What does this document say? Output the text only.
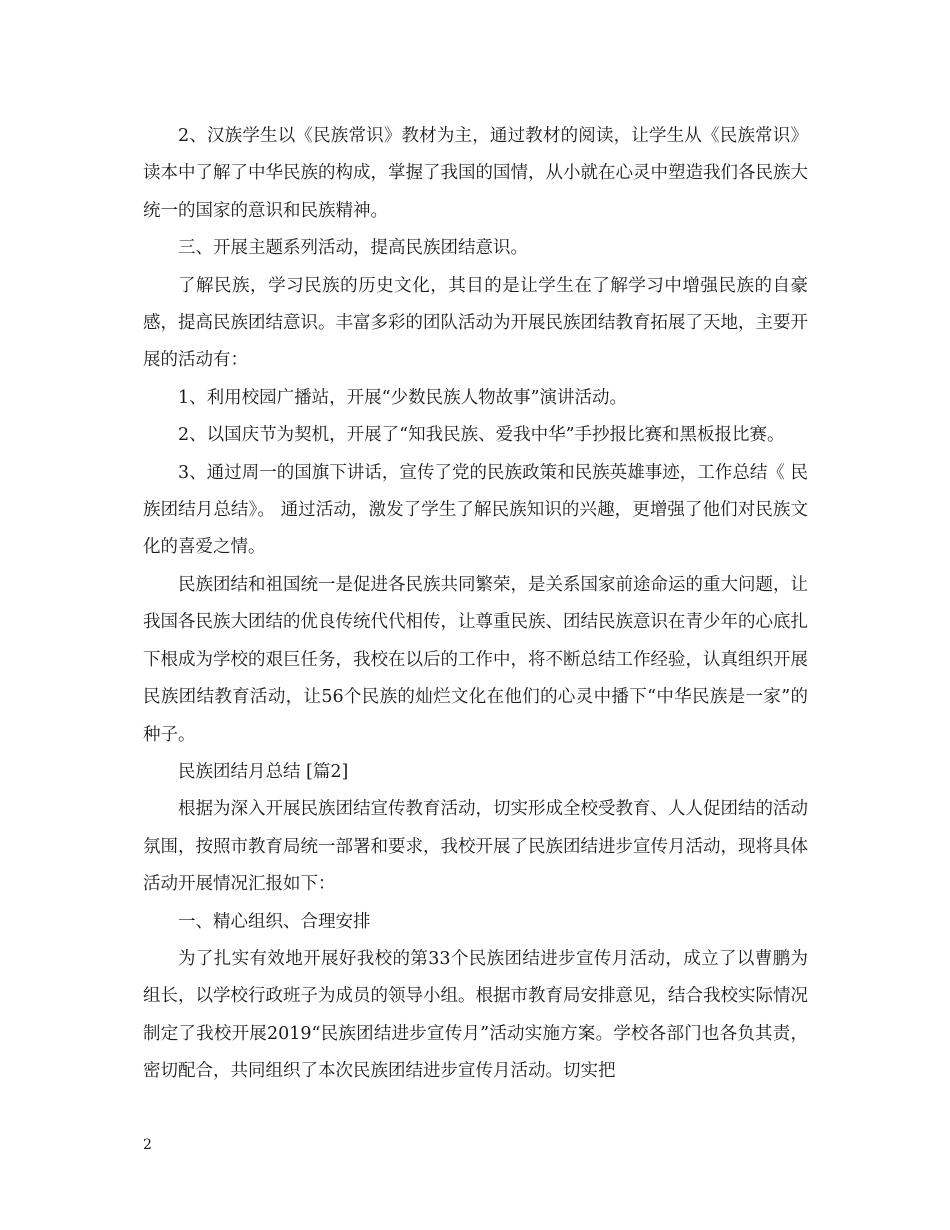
2、汉族学生以《民族常识》教材为主，通过教材的阅读，让学生从《民族常识》读本中了解了中华民族的构成，掌握了我国的国情，从小就在心灵中塑造我们各民族大统一的国家的意识和民族精神。

三、开展主题系列活动，提高民族团结意识。

了解民族，学习民族的历史文化，其目的是让学生在了解学习中增强民族的自豪感，提高民族团结意识。丰富多彩的团队活动为开展民族团结教育拓展了天地，主要开展的活动有：

1、利用校园广播站，开展“少数民族人物故事”演讲活动。

2、以国庆节为契机，开展了“知我民族、爱我中华”手抄报比赛和黑板报比赛。

3、通过周一的国旗下讲话，宣传了党的民族政策和民族英雄事迹，工作总结《 民族团结月总结》。 通过活动，激发了学生了解民族知识的兴趣，更增强了他们对民族文化的喜爱之情。

民族团结和祖国统一是促进各民族共同繁荣，是关系国家前途命运的重大问题，让我国各民族大团结的优良传统代代相传，让尊重民族、团结民族意识在青少年的心底扎下根成为学校的艰巨任务，我校在以后的工作中，将不断总结工作经验，认真组织开展民族团结教育活动，让56个民族的灿烂文化在他们的心灵中播下“中华民族是一家”的种子。

民族团结月总结 [篇2]

根据为深入开展民族团结宣传教育活动，切实形成全校受教育、人人促团结的活动氛围，按照市教育局统一部署和要求，我校开展了民族团结进步宣传月活动，现将具体活动开展情况汇报如下：

一、精心组织、合理安排

为了扎实有效地开展好我校的第33个民族团结进步宣传月活动，成立了以曹鹏为组长，以学校行政班子为成员的领导小组。根据市教育局安排意见，结合我校实际情况制定了我校开展2019“民族团结进步宣传月”活动实施方案。学校各部门也各负其责，密切配合，共同组织了本次民族团结进步宣传月活动。切实把

2
